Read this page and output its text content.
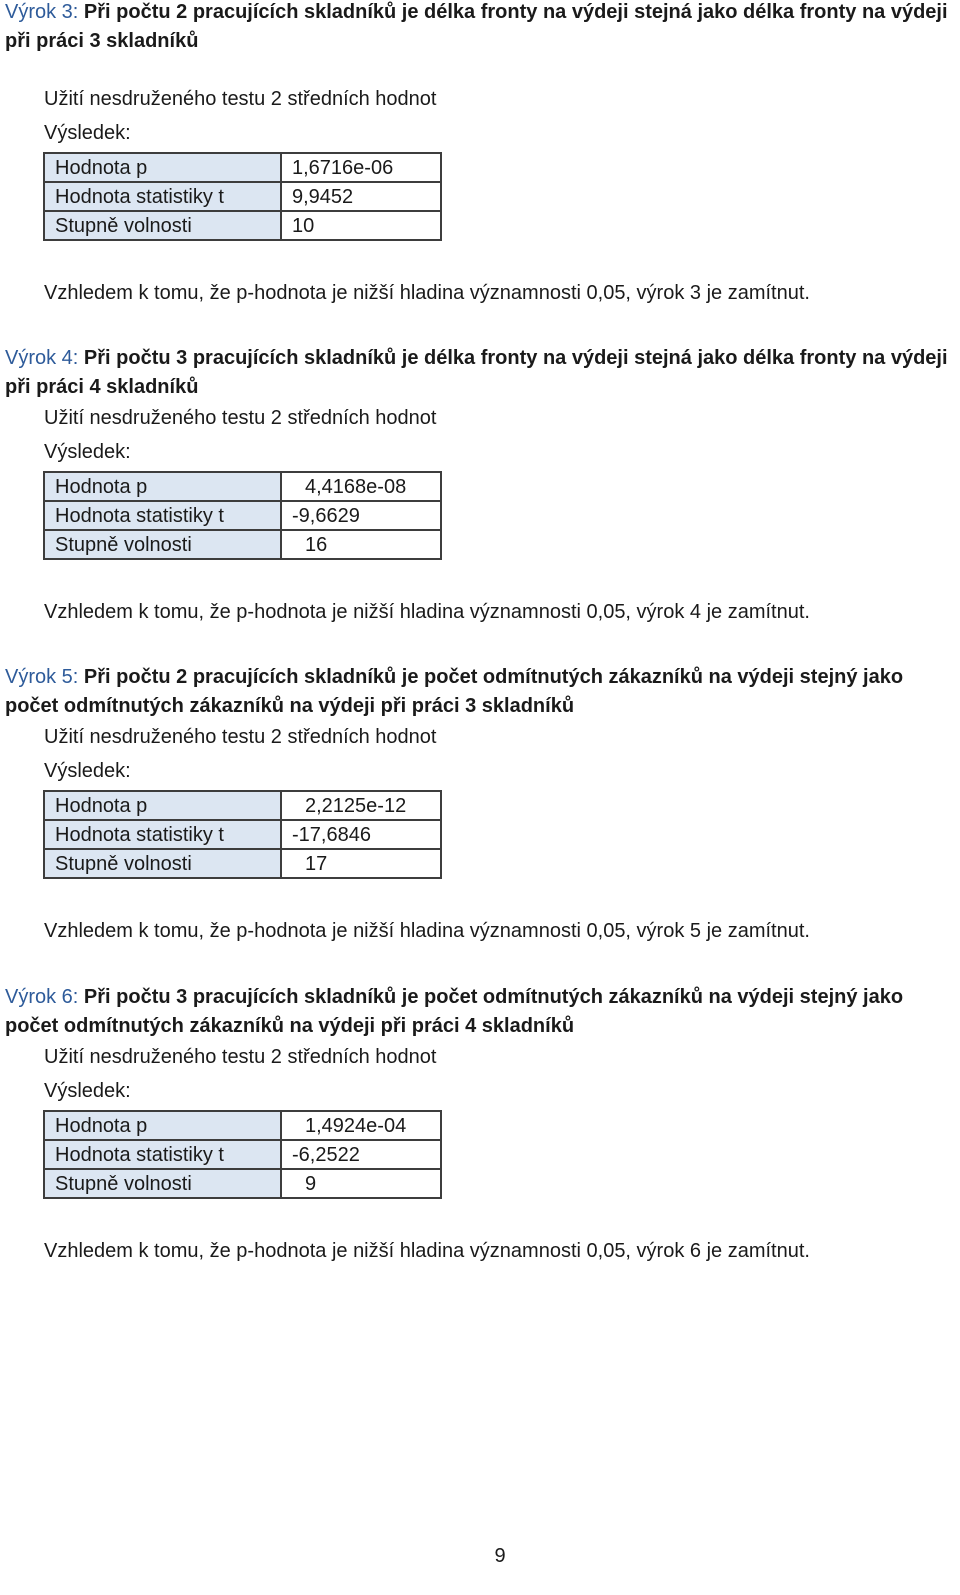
Výrok 3: Při počtu 2 pracujících skladníků je délka fronty na výdeji stejná jako délka fronty na výdeji při práci 3 skladníků
Užití nesdruženého testu 2 středních hodnot
Výsledek:
Hodnota p	1,6716e-06
Hodnota statistiky t	9,9452
Stupně volnosti	10
Vzhledem k tomu, že p-hodnota je nižší hladina významnosti 0,05, výrok 3 je zamítnut.
Výrok 4: Při počtu 3 pracujících skladníků je délka fronty na výdeji stejná jako délka fronty na výdeji při práci 4 skladníků
Užití nesdruženého testu 2 středních hodnot
Výsledek:
Hodnota p	4,4168e-08
Hodnota statistiky t	-9,6629
Stupně volnosti	16
Vzhledem k tomu, že p-hodnota je nižší hladina významnosti 0,05, výrok 4 je zamítnut.
Výrok 5: Při počtu 2 pracujících skladníků je počet odmítnutých zákazníků na výdeji stejný jako počet odmítnutých zákazníků na výdeji při práci 3 skladníků
Užití nesdruženého testu 2 středních hodnot
Výsledek:
Hodnota p	2,2125e-12
Hodnota statistiky t	-17,6846
Stupně volnosti	17
Vzhledem k tomu, že p-hodnota je nižší hladina významnosti 0,05, výrok 5 je zamítnut.
Výrok 6: Při počtu 3 pracujících skladníků je počet odmítnutých zákazníků na výdeji stejný jako počet odmítnutých zákazníků na výdeji při práci 4 skladníků
Užití nesdruženého testu 2 středních hodnot
Výsledek:
Hodnota p	1,4924e-04
Hodnota statistiky t	-6,2522
Stupně volnosti	9
Vzhledem k tomu, že p-hodnota je nižší hladina významnosti 0,05, výrok 6 je zamítnut.
9
